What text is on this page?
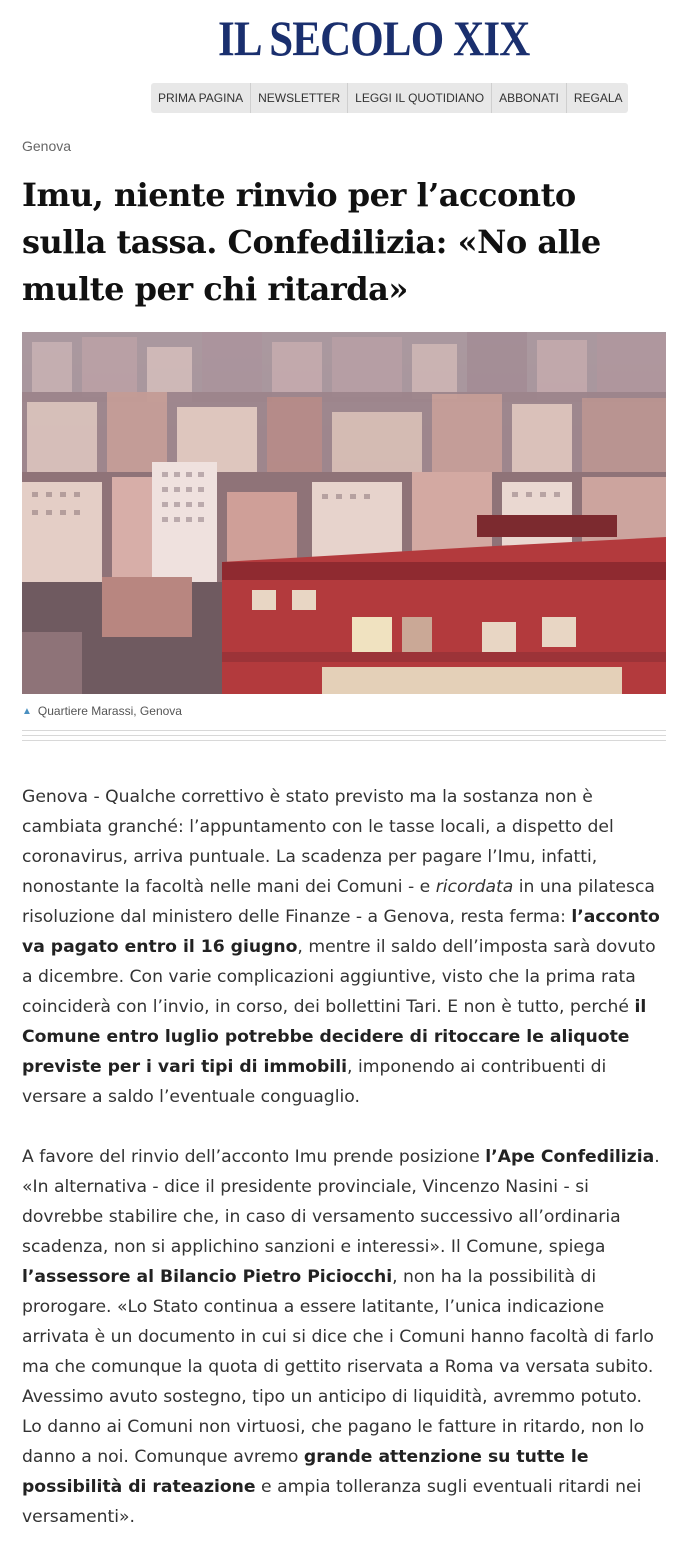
IL SECOLO XIX
PRIMA PAGINA	NEWSLETTER	LEGGI IL QUOTIDIANO	ABBONATI	REGALA
Genova
Imu, niente rinvio per l’acconto sulla tassa. Confedilizia: «No alle multe per chi ritarda»
▲ Quartiere Marassi, Genova

Genova - Qualche correttivo è stato previsto ma la sostanza non è cambiata granché: l’appuntamento con le tasse locali, a dispetto del coronavirus, arriva puntuale. La scadenza per pagare l’Imu, infatti, nonostante la facoltà nelle mani dei Comuni - e ricordata in una pilatesca risoluzione dal ministero delle Finanze - a Genova, resta ferma: l’acconto va pagato entro il 16 giugno, mentre il saldo dell’imposta sarà dovuto a dicembre. Con varie complicazioni aggiuntive, visto che la prima rata coinciderà con l’invio, in corso, dei bollettini Tari. E non è tutto, perché il Comune entro luglio potrebbe decidere di ritoccare le aliquote previste per i vari tipi di immobili, imponendo ai contribuenti di versare a saldo l’eventuale conguaglio.

A favore del rinvio dell’acconto Imu prende posizione l’Ape Confedilizia. «In alternativa - dice il presidente provinciale, Vincenzo Nasini - si dovrebbe stabilire che, in caso di versamento successivo all’ordinaria scadenza, non si applichino sanzioni e interessi». Il Comune, spiega l’assessore al Bilancio Pietro Piciocchi, non ha la possibilità di prorogare. «Lo Stato continua a essere latitante, l’unica indicazione arrivata è un documento in cui si dice che i Comuni hanno facoltà di farlo ma che comunque la quota di gettito riservata a Roma va versata subito. Avessimo avuto sostegno, tipo un anticipo di liquidità, avremmo potuto. Lo danno ai Comuni non virtuosi, che pagano le fatture in ritardo, non lo danno a noi. Comunque avremo grande attenzione su tutte le possibilità di rateazione e ampia tolleranza sugli eventuali ritardi nei versamenti».
